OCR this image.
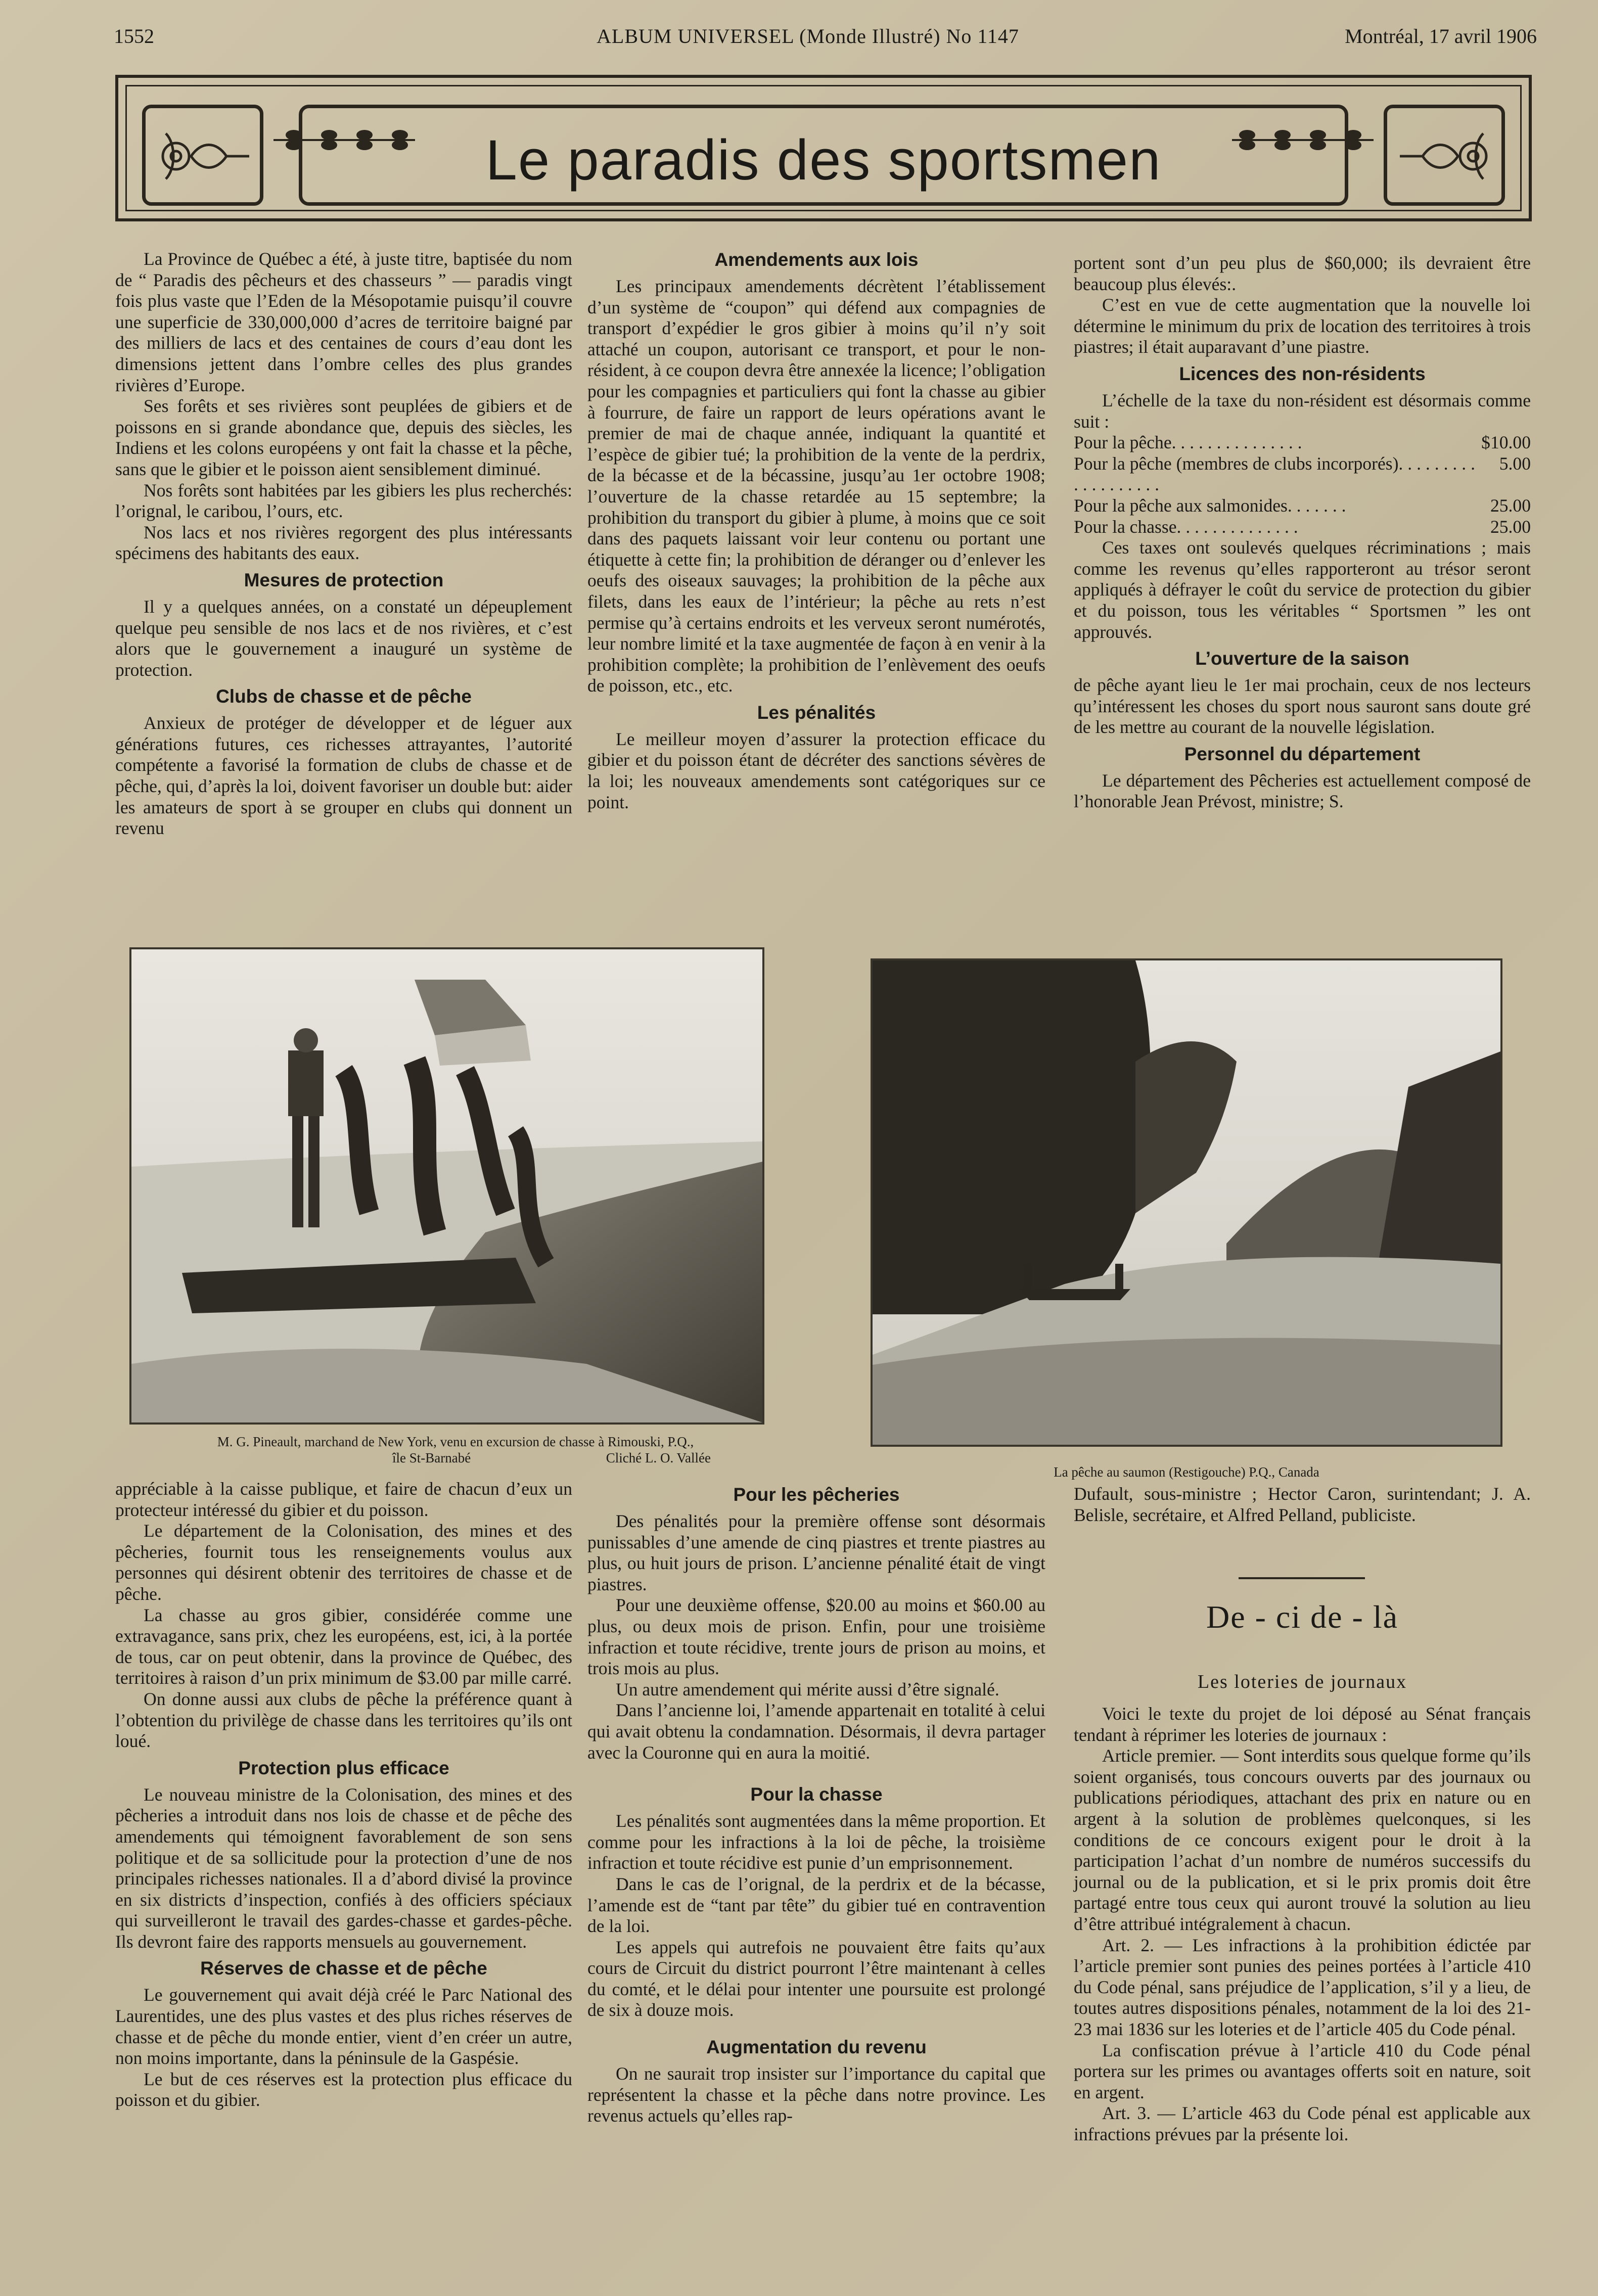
1552	ALBUM UNIVERSEL (Monde Illustré) No 1147	Montréal, 17 avril 1906
Le paradis des sportsmen

La Province de Québec a été, à juste titre, baptisée du nom de “ Paradis des pêcheurs et des chasseurs ” — paradis vingt fois plus vaste que l’Eden de la Mésopotamie puisqu’il couvre une superficie de 330,000,000 d’acres de territoire baigné par des milliers de lacs et des centaines de cours d’eau dont les dimensions jettent dans l’ombre celles des plus grandes rivières d’Europe.

Ses forêts et ses rivières sont peuplées de gibiers et de poissons en si grande abondance que, depuis des siècles, les Indiens et les colons européens y ont fait la chasse et la pêche, sans que le gibier et le poisson aient sensiblement diminué.

Nos forêts sont habitées par les gibiers les plus recherchés: l’orignal, le caribou, l’ours, etc.

Nos lacs et nos rivières regorgent des plus intéressants spécimens des habitants des eaux.

Mesures de protection

Il y a quelques années, on a constaté un dépeuplement quelque peu sensible de nos lacs et de nos rivières, et c’est alors que le gouvernement a inauguré un système de protection.

Clubs de chasse et de pêche

Anxieux de protéger de développer et de léguer aux générations futures, ces richesses attrayantes, l’autorité compétente a favorisé la formation de clubs de chasse et de pêche, qui, d’après la loi, doivent favoriser un double but: aider les amateurs de sport à se grouper en clubs qui donnent un revenu

Amendements aux lois

Les principaux amendements décrètent l’établissement d’un système de “coupon” qui défend aux compagnies de transport d’expédier le gros gibier à moins qu’il n’y soit attaché un coupon, autorisant ce transport, et pour le non-résident, à ce coupon devra être annexée la licence; l’obligation pour les compagnies et particuliers qui font la chasse au gibier à fourrure, de faire un rapport de leurs opérations avant le premier de mai de chaque année, indiquant la quantité et l’espèce de gibier tué; la prohibition de la vente de la perdrix, de la bécasse et de la bécassine, jusqu’au 1er octobre 1908; l’ouverture de la chasse retardée au 15 septembre; la prohibition du transport du gibier à plume, à moins que ce soit dans des paquets laissant voir leur contenu ou portant une étiquette à cette fin; la prohibition de déranger ou d’enlever les oeufs des oiseaux sauvages; la prohibition de la pêche aux filets, dans les eaux de l’intérieur; la pêche au rets n’est permise qu’à certains endroits et les verveux seront numérotés, leur nombre limité et la taxe augmentée de façon à en venir à la prohibition complète; la prohibition de l’enlèvement des oeufs de poisson, etc., etc.

Les pénalités

Le meilleur moyen d’assurer la protection efficace du gibier et du poisson étant de décréter des sanctions sévères de la loi; les nouveaux amendements sont catégoriques sur ce point.

portent sont d’un peu plus de $60,000; ils devraient être beaucoup plus élevés:.

C’est en vue de cette augmentation que la nouvelle loi détermine le minimum du prix de location des territoires à trois piastres; il était auparavant d’une piastre.

Licences des non-résidents

L’échelle de la taxe du non-résident est désormais comme suit :

Pour la pêche. . . . . . . . . . . . . . .	$10.00
Pour la pêche (membres de clubs incorporés). . . . . . . . . . . . . . . . . . .
5.00
Pour la pêche aux salmonides. . . . . . .	25.00
Pour la chasse. . . . . . . . . . . . . .	25.00

Ces taxes ont soulevés quelques récriminations ; mais comme les revenus qu’elles rapporteront au trésor seront appliqués à défrayer le coût du service de protection du gibier et du poisson, tous les véritables “ Sportsmen ” les ont approuvés.

L’ouverture de la saison

de pêche ayant lieu le 1er mai prochain, ceux de nos lecteurs qu’intéressent les choses du sport nous sauront sans doute gré de les mettre au courant de la nouvelle législation.

Personnel du département

Le département des Pêcheries est actuellement composé de l’honorable Jean Prévost, ministre; S.

M. G. Pineault, marchand de New York, venu en excursion de chasse à Rimouski, P.Q.,
île St-Barnabé	Cliché L. O. Vallée
La pêche au saumon (Restigouche) P.Q., Canada

appréciable à la caisse publique, et faire de chacun d’eux un protecteur intéressé du gibier et du poisson.

Le département de la Colonisation, des mines et des pêcheries, fournit tous les renseignements voulus aux personnes qui désirent obtenir des territoires de chasse et de pêche.

La chasse au gros gibier, considérée comme une extravagance, sans prix, chez les européens, est, ici, à la portée de tous, car on peut obtenir, dans la province de Québec, des territoires à raison d’un prix minimum de $3.00 par mille carré.

On donne aussi aux clubs de pêche la préférence quant à l’obtention du privilège de chasse dans les territoires qu’ils ont loué.

Protection plus efficace

Le nouveau ministre de la Colonisation, des mines et des pêcheries a introduit dans nos lois de chasse et de pêche des amendements qui témoignent favorablement de son sens politique et de sa sollicitude pour la protection d’une de nos principales richesses nationales. Il a d’abord divisé la province en six districts d’inspection, confiés à des officiers spéciaux qui surveilleront le travail des gardes-chasse et gardes-pêche. Ils devront faire des rapports mensuels au gouvernement.

Réserves de chasse et de pêche

Le gouvernement qui avait déjà créé le Parc National des Laurentides, une des plus vastes et des plus riches réserves de chasse et de pêche du monde entier, vient d’en créer un autre, non moins importante, dans la péninsule de la Gaspésie.

Le but de ces réserves est la protection plus efficace du poisson et du gibier.

Pour les pêcheries

Des pénalités pour la première offense sont désormais punissables d’une amende de cinq piastres et trente piastres au plus, ou huit jours de prison. L’ancienne pénalité était de vingt piastres.

Pour une deuxième offense, $20.00 au moins et $60.00 au plus, ou deux mois de prison. Enfin, pour une troisième infraction et toute récidive, trente jours de prison au moins, et trois mois au plus.

Un autre amendement qui mérite aussi d’être signalé.

Dans l’ancienne loi, l’amende appartenait en totalité à celui qui avait obtenu la condamnation. Désormais, il devra partager avec la Couronne qui en aura la moitié.

Pour la chasse

Les pénalités sont augmentées dans la même proportion. Et comme pour les infractions à la loi de pêche, la troisième infraction et toute récidive est punie d’un emprisonnement.

Dans le cas de l’orignal, de la perdrix et de la bécasse, l’amende est de “tant par tête” du gibier tué en contravention de la loi.

Les appels qui autrefois ne pouvaient être faits qu’aux cours de Circuit du district pourront l’être maintenant à celles du comté, et le délai pour intenter une poursuite est prolongé de six à douze mois.

Augmentation du revenu

On ne saurait trop insister sur l’importance du capital que représentent la chasse et la pêche dans notre province. Les revenus actuels qu’elles rap-

Dufault, sous-ministre ; Hector Caron, surintendant; J. A. Belisle, secrétaire, et Alfred Pelland, publiciste.

De - ci de - là
Les loteries de journaux

Voici le texte du projet de loi déposé au Sénat français tendant à réprimer les loteries de journaux :

Article premier. — Sont interdits sous quelque forme qu’ils soient organisés, tous concours ouverts par des journaux ou publications périodiques, attachant des prix en nature ou en argent à la solution de problèmes quelconques, si les conditions de ce concours exigent pour le droit à la participation l’achat d’un nombre de numéros successifs du journal ou de la publication, et si le prix promis doit être partagé entre tous ceux qui auront trouvé la solution au lieu d’être attribué intégralement à chacun.

Art. 2. — Les infractions à la prohibition édictée par l’article premier sont punies des peines portées à l’article 410 du Code pénal, sans préjudice de l’application, s’il y a lieu, de toutes autres dispositions pénales, notamment de la loi des 21-23 mai 1836 sur les loteries et de l’article 405 du Code pénal.

La confiscation prévue à l’article 410 du Code pénal portera sur les primes ou avantages offerts soit en nature, soit en argent.

Art. 3. — L’article 463 du Code pénal est applicable aux infractions prévues par la présente loi.
